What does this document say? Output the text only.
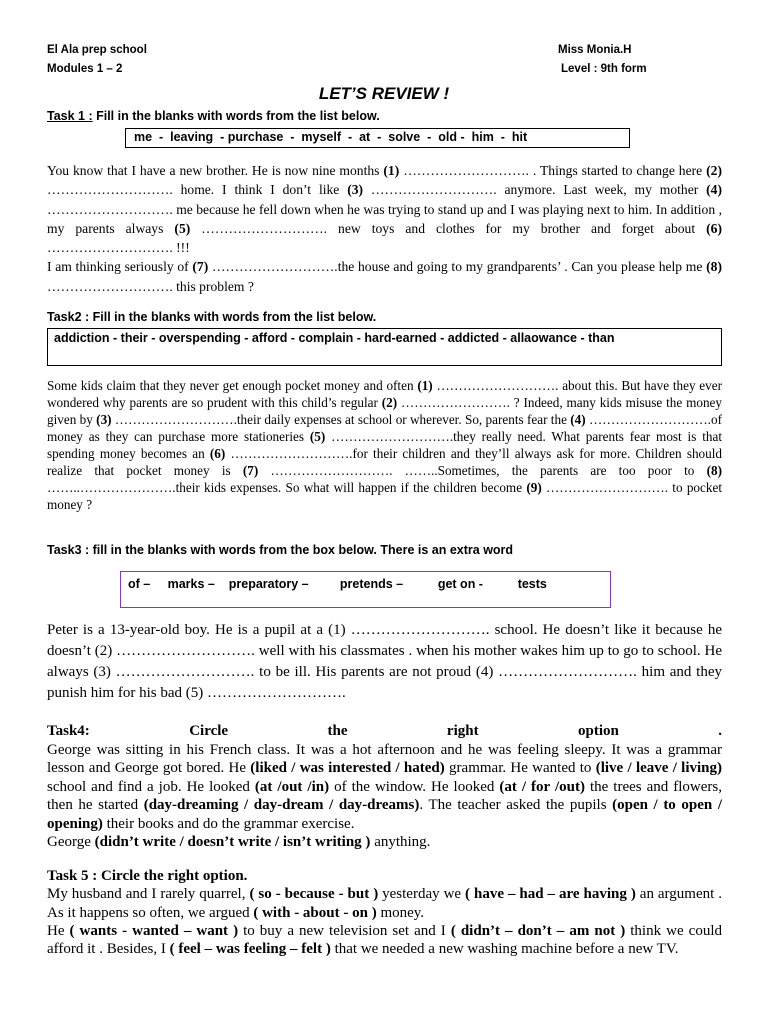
El Ala prep school
Modules 1 – 2
Miss Monia.H
Level : 9th form
LET’S REVIEW !
Task 1 : Fill in the blanks with words from the list below.
me  -  leaving  - purchase  -  myself  -  at  -  solve  -  old -  him  -  hit
You know that I have a new brother. He is now nine months (1) ………………………. . Things started to change here (2) ………………………. home. I think I don’t like (3) ………………………. anymore. Last week, my mother (4) ………………………. me because he fell down when he was trying to stand up and I was playing next to him. In addition , my parents always (5) ………………………. new toys and clothes for my brother and forget about (6) ………………………. !!!
I am thinking seriously of (7) ……………………….the house and going to my grandparents’ . Can you please help me (8) ………………………. this problem ?
Task2 : Fill in the blanks with words from the list below.
addiction - their - overspending - afford - complain - hard-earned - addicted - allaowance - than
Some kids claim that they never get enough pocket money and often (1) ………………………. about this. But have they ever wondered why parents are so prudent with this child’s regular (2) ……………………. ? Indeed, many kids misuse the money given by (3) ……………………….their daily expenses at school or wherever. So, parents fear the (4) ……………………….of money as they can purchase more stationeries (5) ……………………….they really need. What parents fear most is that spending money becomes an (6) ……………………….for their children and they’ll always ask for more. Children should realize that pocket money is (7) ………………………. ……..Sometimes, the parents are too poor to (8) ……..………………….their kids expenses. So what will happen if the children become (9) ………………………. to pocket money ?
Task3 : fill in the blanks with words from the box below. There is an extra word
of –     marks –    preparatory –         pretends –          get on -          tests
Peter is a 13-year-old boy. He is a pupil at a (1) ………………………. school. He doesn’t like it because he doesn’t (2) ………………………. well with his classmates . when his mother wakes him up to go to school. He always (3) ………………………. to be ill. His parents are not proud (4) ………………………. him and they punish him for his bad (5) ……………………….
Task4: Circle the right option	.
George was sitting in his French class. It was a hot afternoon and he was feeling sleepy. It was a grammar lesson and George got bored. He (liked / was interested / hated) grammar. He wanted to (live / leave / living) school and find a job. He looked (at /out /in) of the window. He looked (at / for /out) the trees and flowers, then he started (day-dreaming / day-dream / day-dreams). The teacher asked the pupils (open / to open / opening) their books and do the grammar exercise.
George (didn’t write / doesn’t write / isn’t writing ) anything.
Task 5 : Circle the right option.
My husband and I rarely quarrel, ( so - because - but ) yesterday we ( have – had – are having ) an argument . As it happens so often, we argued ( with - about - on ) money.
He ( wants - wanted – want ) to buy a new television set and I ( didn’t – don’t – am not ) think we could afford it . Besides, I ( feel – was feeling – felt ) that we needed a new washing machine before a new TV.
